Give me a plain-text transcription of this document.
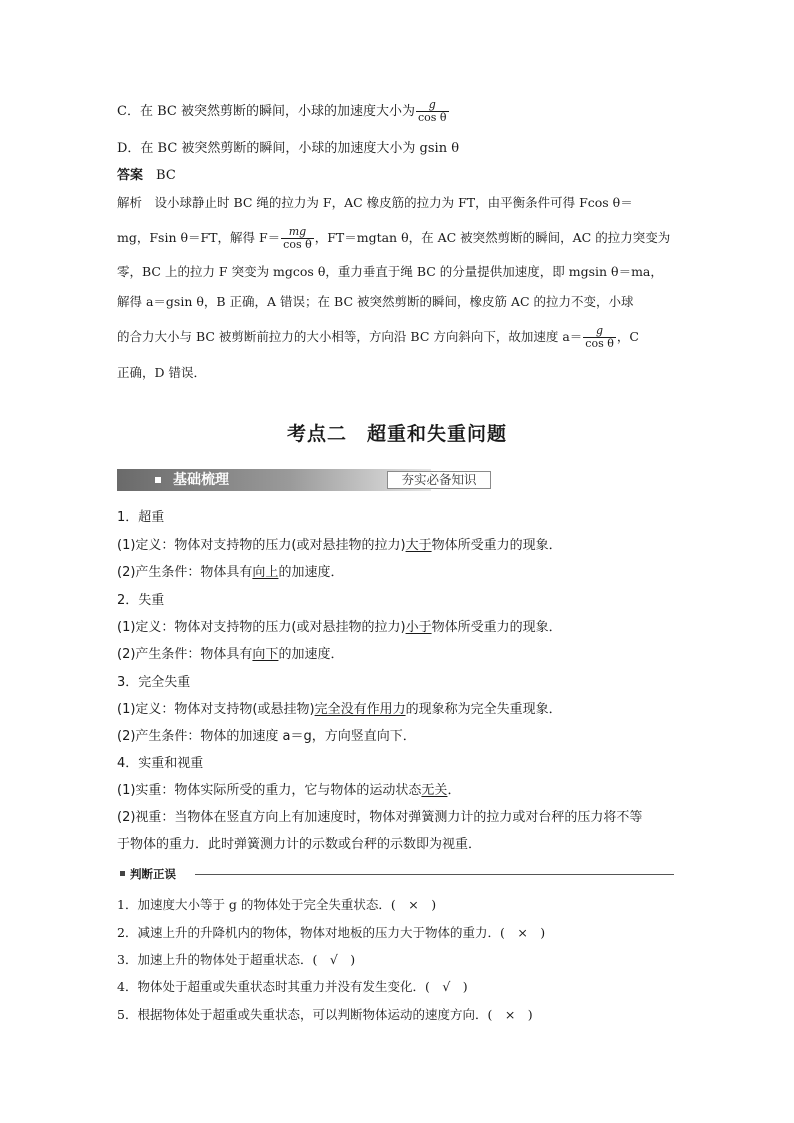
C．在 BC 被突然剪断的瞬间，小球的加速度大小为 $\frac{g}{\text{cos θ}}$
D．在 BC 被突然剪断的瞬间，小球的加速度大小为 gsin θ
答案　 BC
解析　设小球静止时 BC 绳的拉力为 F，AC 橡皮筋的拉力为 FT，由平衡条件可得 Fcos θ＝
mg，Fsin θ＝FT，解得 $F= \frac{mg}{\text{cos θ}}$ ，FT＝mgtan θ，在 AC 被突然剪断的瞬间，AC 的拉力突变为
零，BC 上的拉力 F 突变为 mgcos θ，重力垂直于绳 BC 的分量提供加速度，即 mgsin θ＝ma，
解得 a＝gsin θ，B 正确，A 错误；在 BC 被突然剪断的瞬间，橡皮筋 AC 的拉力不变，小球
的合力大小与 BC 被剪断前拉力的大小相等，方向沿 BC 方向斜向下，故加速度 $a= \frac{g}{\text{cos θ}}$ ，C
正确，D 错误．
考点二　超重和失重问题
基础梳理	夯实必备知识
1．超重
(1)定义：物体对支持物的压力(或对悬挂物的拉力)大于物体所受重力的现象．
(2)产生条件：物体具有向上的加速度．
2．失重
(1)定义：物体对支持物的压力(或对悬挂物的拉力)小于物体所受重力的现象．
(2)产生条件：物体具有向下的加速度．
3．完全失重
(1)定义：物体对支持物(或悬挂物)完全没有作用力的现象称为完全失重现象．
(2)产生条件：物体的加速度 a＝g，方向竖直向下．
4．实重和视重
(1)实重：物体实际所受的重力，它与物体的运动状态无关．
(2)视重：当物体在竖直方向上有加速度时，物体对弹簧测力计的拉力或对台秤的压力将不等
于物体的重力．此时弹簧测力计的示数或台秤的示数即为视重．
判断正误
1．加速度大小等于 g 的物体处于完全失重状态．(　×　)
2．减速上升的升降机内的物体，物体对地板的压力大于物体的重力．(　×　)
3．加速上升的物体处于超重状态．(　√　)
4．物体处于超重或失重状态时其重力并没有发生变化．(　√　)
5．根据物体处于超重或失重状态，可以判断物体运动的速度方向．(　×　)
